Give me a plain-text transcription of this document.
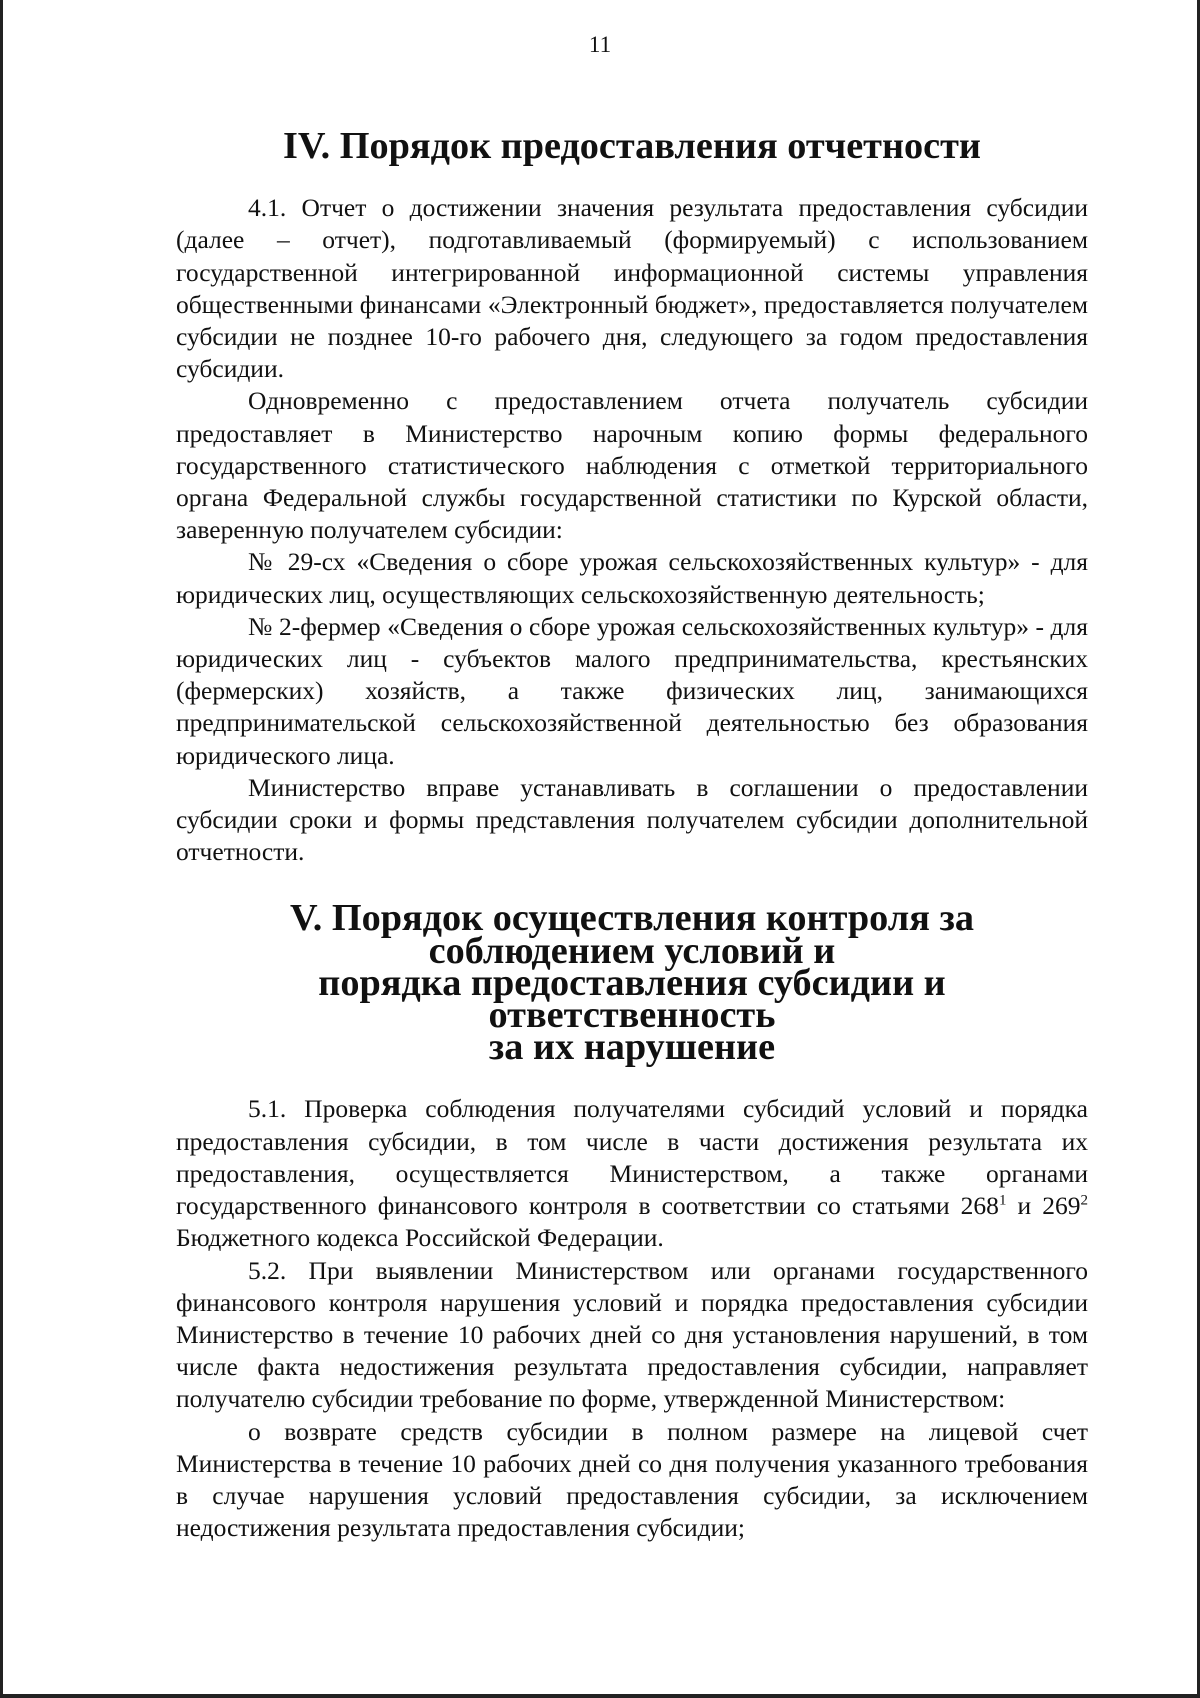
11
IV. Порядок предоставления отчетности

4.1. Отчет о достижении значения результата предоставления субсидии (далее – отчет), подготавливаемый (формируемый) с использованием государственной интегрированной информационной системы управления общественными финансами «Электронный бюджет», предоставляется получателем субсидии не позднее 10-го рабочего дня, следующего за годом предоставления субсидии.

Одновременно с предоставлением отчета получатель субсидии предоставляет в Министерство нарочным копию формы федерального государственного статистического наблюдения с отметкой территориального органа Федеральной службы государственной статистики по Курской области, заверенную получателем субсидии:

№ 29-сх «Сведения о сборе урожая сельскохозяйственных культур» - для юридических лиц, осуществляющих сельскохозяйственную деятельность;

№ 2-фермер «Сведения о сборе урожая сельскохозяйственных культур» - для юридических лиц - субъектов малого предпринимательства, крестьянских (фермерских) хозяйств, а также физических лиц, занимающихся предпринимательской сельскохозяйственной деятельностью без образования юридического лица.

Министерство вправе устанавливать в соглашении о предоставлении субсидии сроки и формы представления получателем субсидии дополнительной отчетности.

V. Порядок осуществления контроля за соблюдением условий и
порядка предоставления субсидии и ответственность
за их нарушение

5.1. Проверка соблюдения получателями субсидий условий и порядка предоставления субсидии, в том числе в части достижения результата их предоставления, осуществляется Министерством, а также органами государственного финансового контроля в соответствии со статьями $268^1$ и $269^2$ Бюджетного кодекса Российской Федерации.

5.2. При выявлении Министерством или органами государственного финансового контроля нарушения условий и порядка предоставления субсидии Министерство в течение 10 рабочих дней со дня установления нарушений, в том числе факта недостижения результата предоставления субсидии, направляет получателю субсидии требование по форме, утвержденной Министерством:

о возврате средств субсидии в полном размере на лицевой счет Министерства в течение 10 рабочих дней со дня получения указанного требования в случае нарушения условий предоставления субсидии, за исключением недостижения результата предоставления субсидии;
